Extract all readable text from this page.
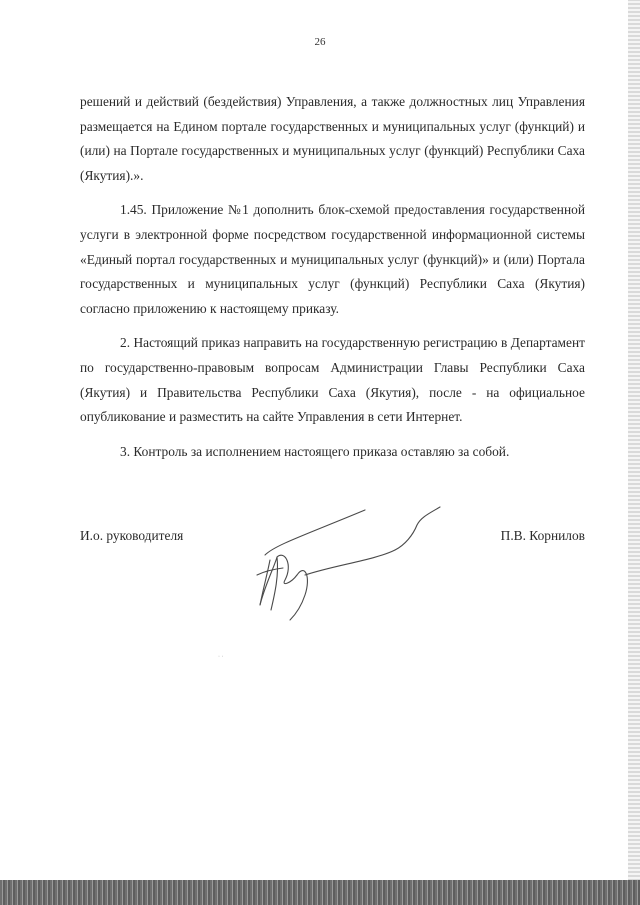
26

решений и действий (бездействия) Управления, а также должностных лиц Управления размещается на Едином портале государственных и муниципальных услуг (функций) и (или) на Портале государственных и муниципальных услуг (функций) Республики Саха (Якутия).».

1.45. Приложение №1 дополнить блок-схемой предоставления государственной услуги в электронной форме посредством государственной информационной системы «Единый портал государственных и муниципальных услуг (функций)» и (или) Портала государственных и муниципальных услуг (функций) Республики Саха (Якутия) согласно приложению к настоящему приказу.

2. Настоящий приказ направить на государственную регистрацию в Департамент по государственно-правовым вопросам Администрации Главы Республики Саха (Якутия) и Правительства Республики Саха (Якутия), после - на официальное опубликование и разместить на сайте Управления в сети Интернет.

3. Контроль за исполнением настоящего приказа оставляю за собой.

И.о. руководителя	П.В. Корнилов
· ·
